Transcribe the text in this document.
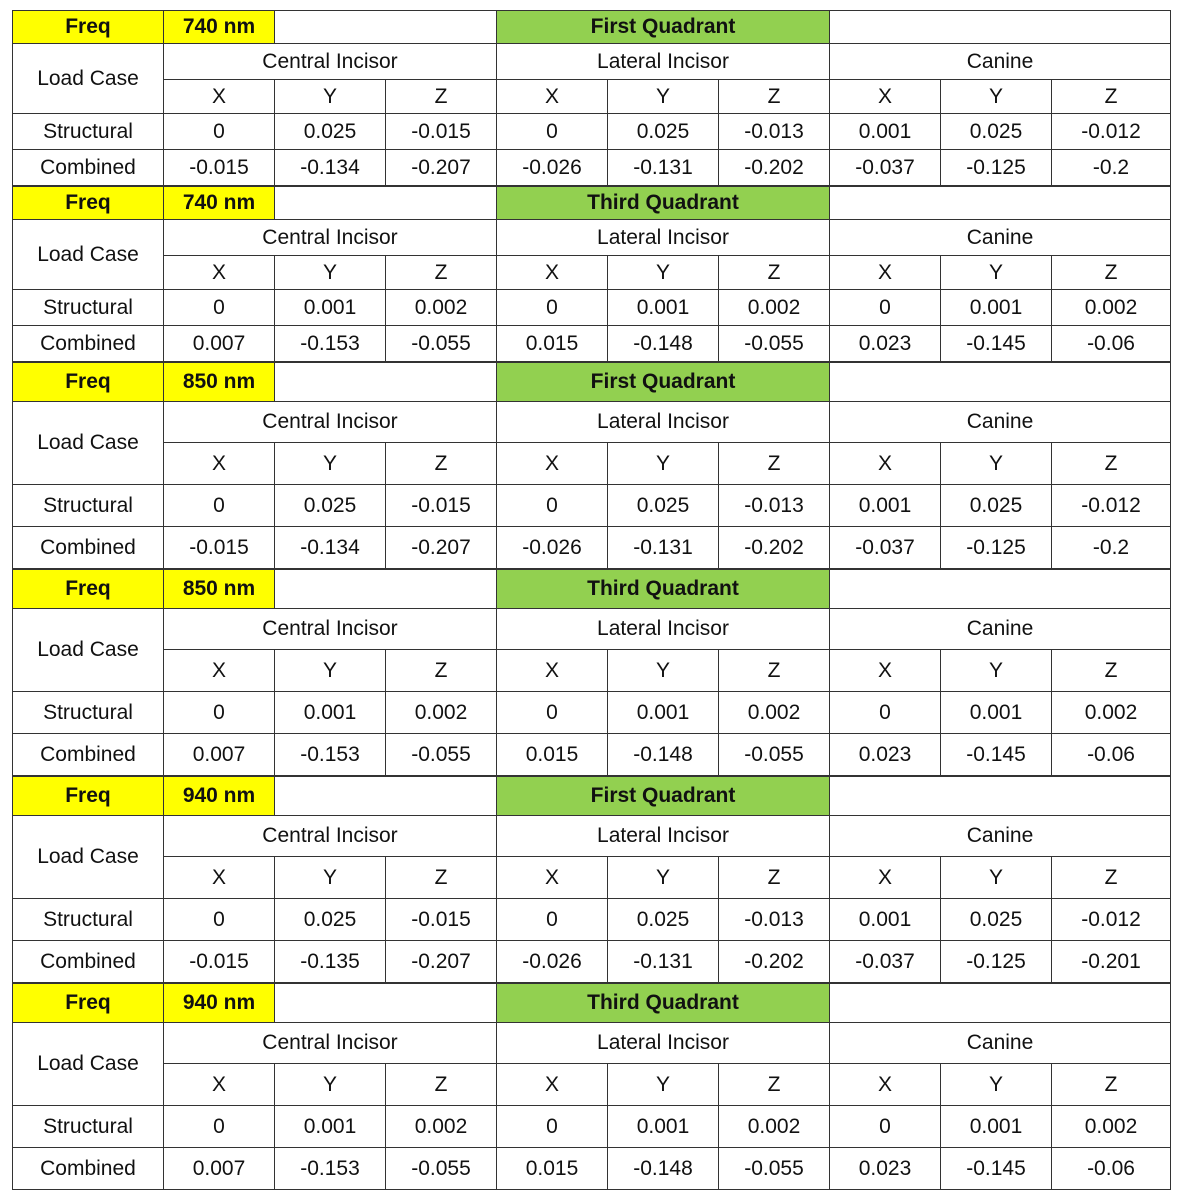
Freq	740 nm			First Quadrant					
Load Case	Central Incisor			Lateral Incisor			Canine		
	X	Y	Z	X	Y	Z	X	Y	Z
Structural	0	0.025	-0.015	0	0.025	-0.013	0.001	0.025	-0.012
Combined	-0.015	-0.134	-0.207	-0.026	-0.131	-0.202	-0.037	-0.125	-0.2
Freq	740 nm			Third Quadrant					
Load Case	Central Incisor			Lateral Incisor			Canine		
	X	Y	Z	X	Y	Z	X	Y	Z
Structural	0	0.001	0.002	0	0.001	0.002	0	0.001	0.002
Combined	0.007	-0.153	-0.055	0.015	-0.148	-0.055	0.023	-0.145	-0.06
Freq	850 nm			First Quadrant					
Load Case	Central Incisor			Lateral Incisor			Canine		
	X	Y	Z	X	Y	Z	X	Y	Z
Structural	0	0.025	-0.015	0	0.025	-0.013	0.001	0.025	-0.012
Combined	-0.015	-0.134	-0.207	-0.026	-0.131	-0.202	-0.037	-0.125	-0.2
Freq	850 nm			Third Quadrant					
Load Case	Central Incisor			Lateral Incisor			Canine		
	X	Y	Z	X	Y	Z	X	Y	Z
Structural	0	0.001	0.002	0	0.001	0.002	0	0.001	0.002
Combined	0.007	-0.153	-0.055	0.015	-0.148	-0.055	0.023	-0.145	-0.06
Freq	940 nm			First Quadrant					
Load Case	Central Incisor			Lateral Incisor			Canine		
	X	Y	Z	X	Y	Z	X	Y	Z
Structural	0	0.025	-0.015	0	0.025	-0.013	0.001	0.025	-0.012
Combined	-0.015	-0.135	-0.207	-0.026	-0.131	-0.202	-0.037	-0.125	-0.201
Freq	940 nm			Third Quadrant					
Load Case	Central Incisor			Lateral Incisor			Canine		
	X	Y	Z	X	Y	Z	X	Y	Z
Structural	0	0.001	0.002	0	0.001	0.002	0	0.001	0.002
Combined	0.007	-0.153	-0.055	0.015	-0.148	-0.055	0.023	-0.145	-0.06
